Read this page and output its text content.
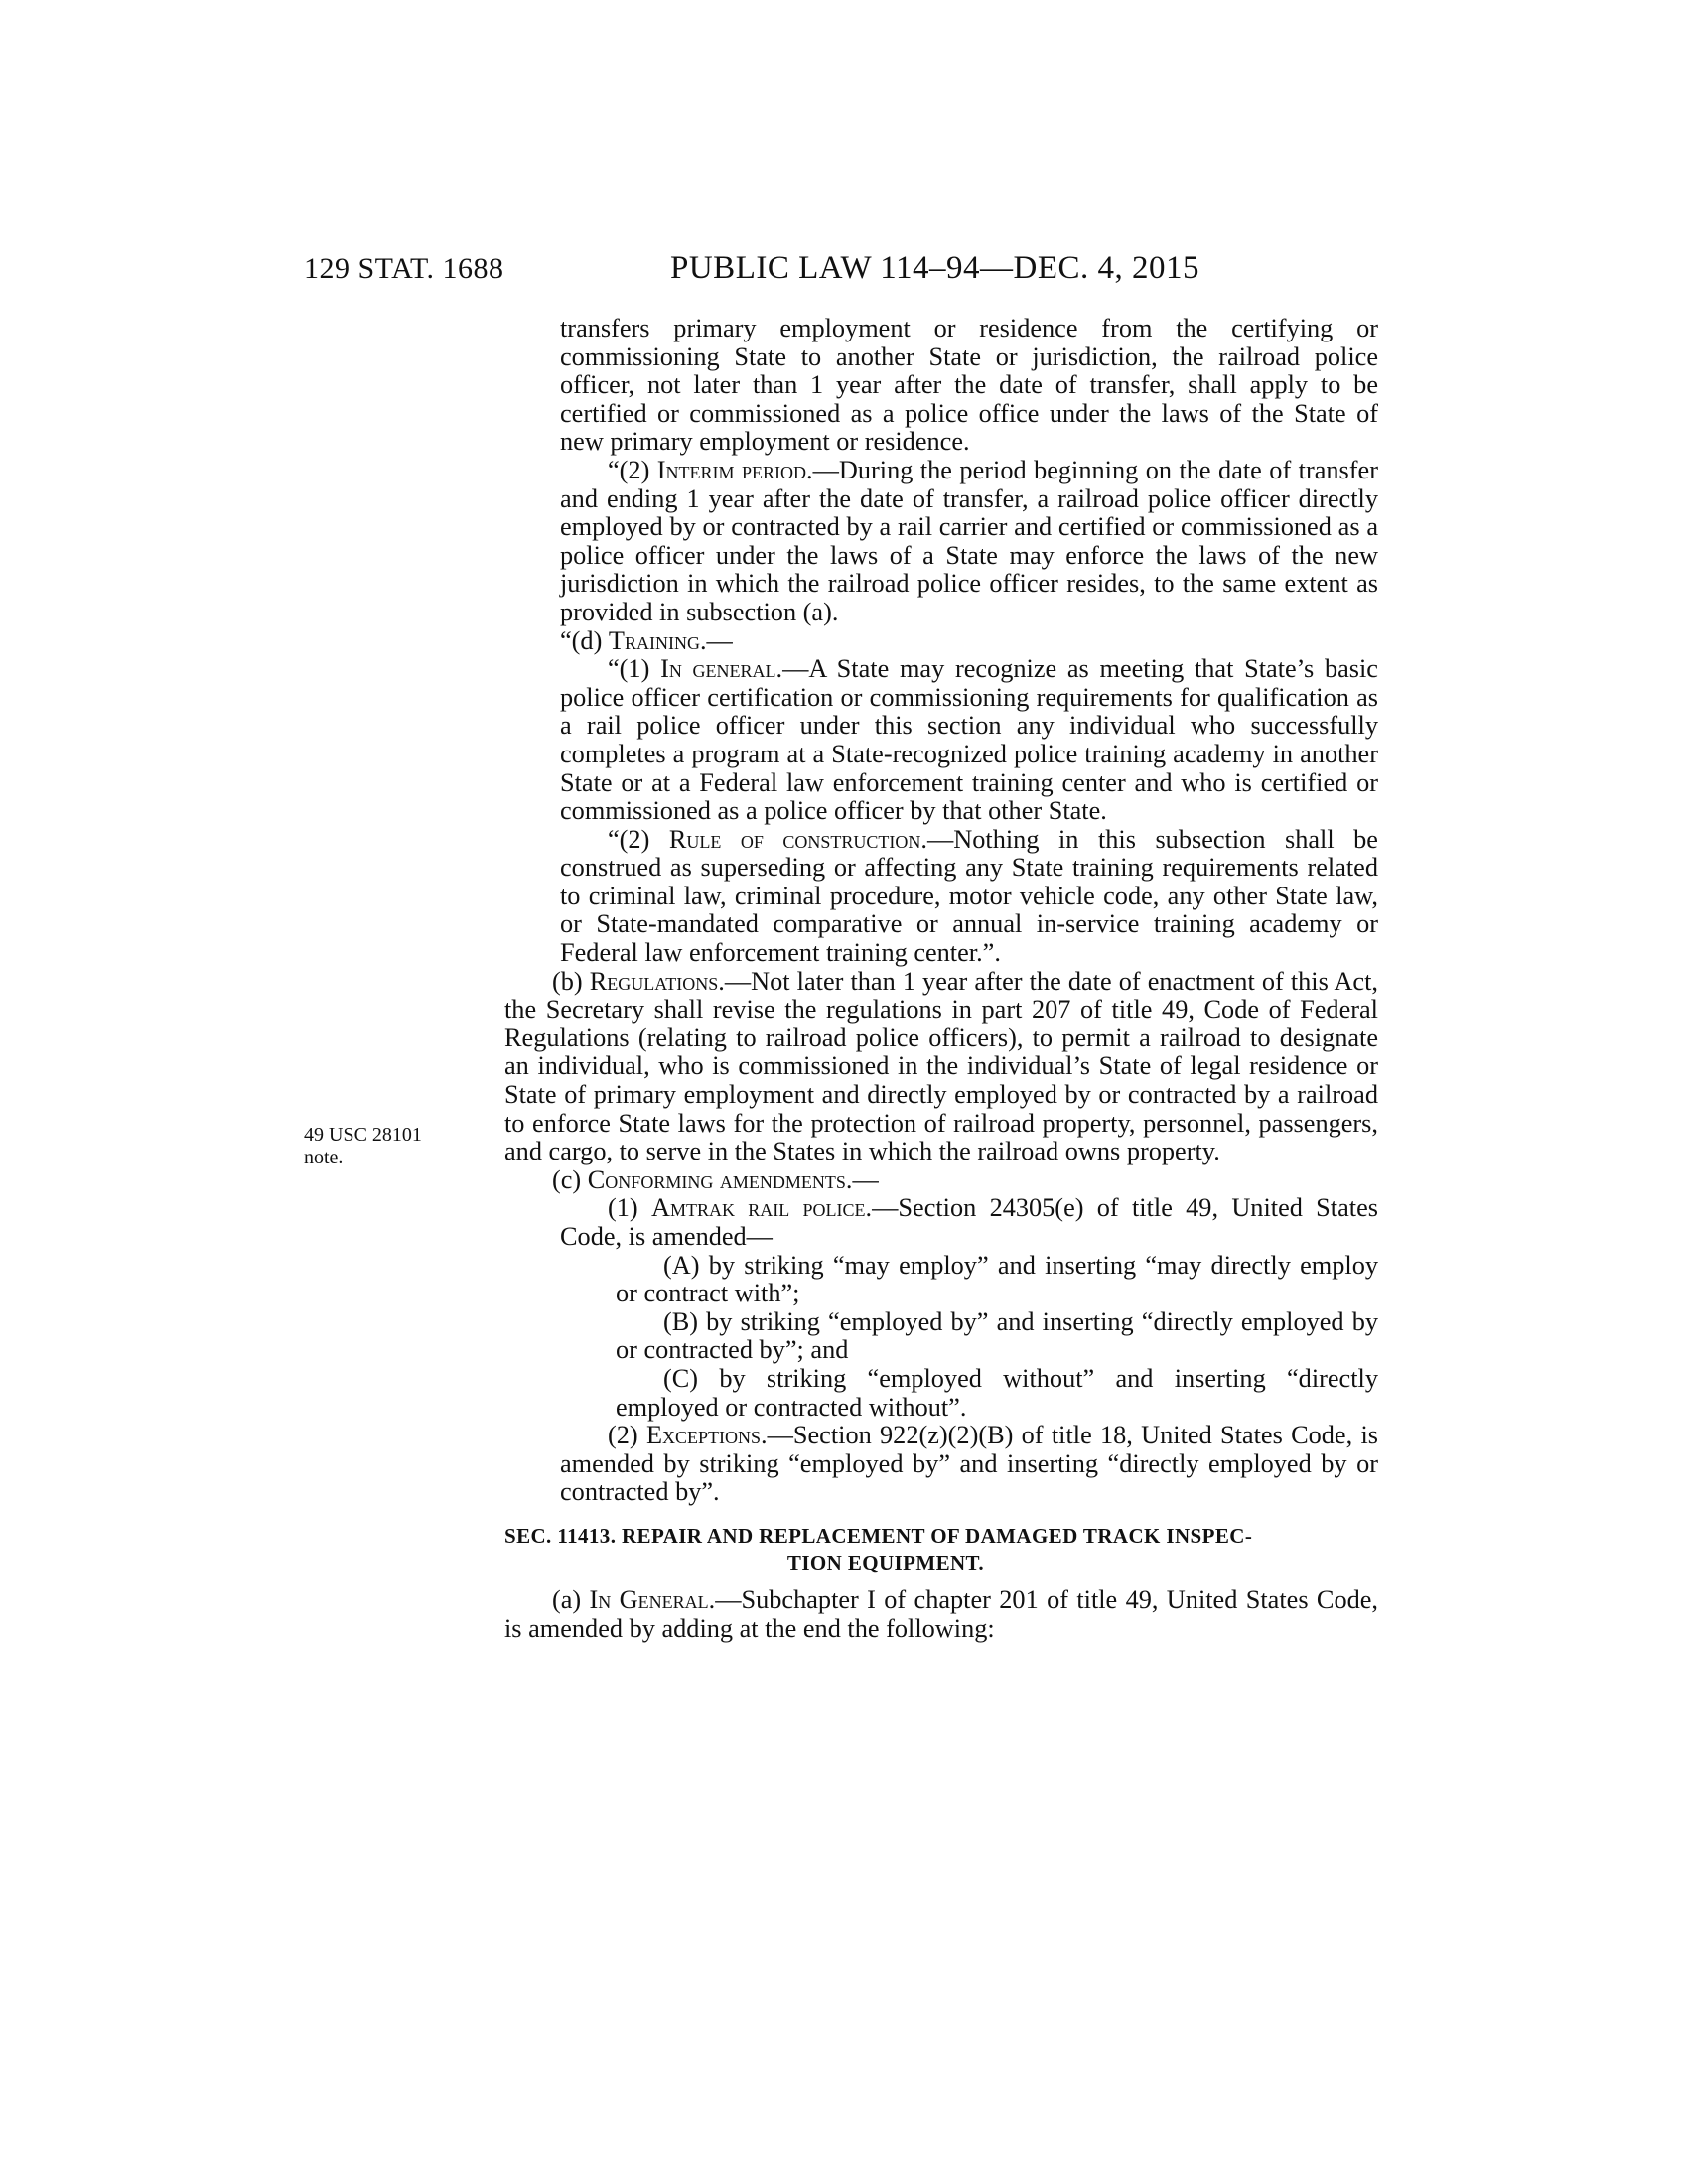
129 STAT. 1688	PUBLIC LAW 114–94—DEC. 4, 2015
49 USC 28101
note.

transfers primary employment or residence from the certifying or commissioning State to another State or jurisdiction, the railroad police officer, not later than 1 year after the date of transfer, shall apply to be certified or commissioned as a police office under the laws of the State of new primary employment or residence.

“(2) Interim period.—During the period beginning on the date of transfer and ending 1 year after the date of transfer, a railroad police officer directly employed by or contracted by a rail carrier and certified or commissioned as a police officer under the laws of a State may enforce the laws of the new jurisdiction in which the railroad police officer resides, to the same extent as provided in subsection (a).

“(d) Training.—

“(1) In general.—A State may recognize as meeting that State’s basic police officer certification or commissioning requirements for qualification as a rail police officer under this section any individual who successfully completes a program at a State-recognized police training academy in another State or at a Federal law enforcement training center and who is certified or commissioned as a police officer by that other State.

“(2) Rule of construction.—Nothing in this subsection shall be construed as superseding or affecting any State training requirements related to criminal law, criminal procedure, motor vehicle code, any other State law, or State-mandated comparative or annual in-service training academy or Federal law enforcement training center.”.

(b) Regulations.—Not later than 1 year after the date of enactment of this Act, the Secretary shall revise the regulations in part 207 of title 49, Code of Federal Regulations (relating to railroad police officers), to permit a railroad to designate an individual, who is commissioned in the individual’s State of legal residence or State of primary employment and directly employed by or contracted by a railroad to enforce State laws for the protection of railroad property, personnel, passengers, and cargo, to serve in the States in which the railroad owns property.

(c) Conforming amendments.—

(1) Amtrak rail police.—Section 24305(e) of title 49, United States Code, is amended—

(A) by striking “may employ” and inserting “may directly employ or contract with”;

(B) by striking “employed by” and inserting “directly employed by or contracted by”; and

(C) by striking “employed without” and inserting “directly employed or contracted without”.

(2) Exceptions.—Section 922(z)(2)(B) of title 18, United States Code, is amended by striking “employed by” and inserting “directly employed by or contracted by”.

SEC. 11413. REPAIR AND REPLACEMENT OF DAMAGED TRACK INSPEC-
TION EQUIPMENT.

(a) In General.—Subchapter I of chapter 201 of title 49, United States Code, is amended by adding at the end the following:
